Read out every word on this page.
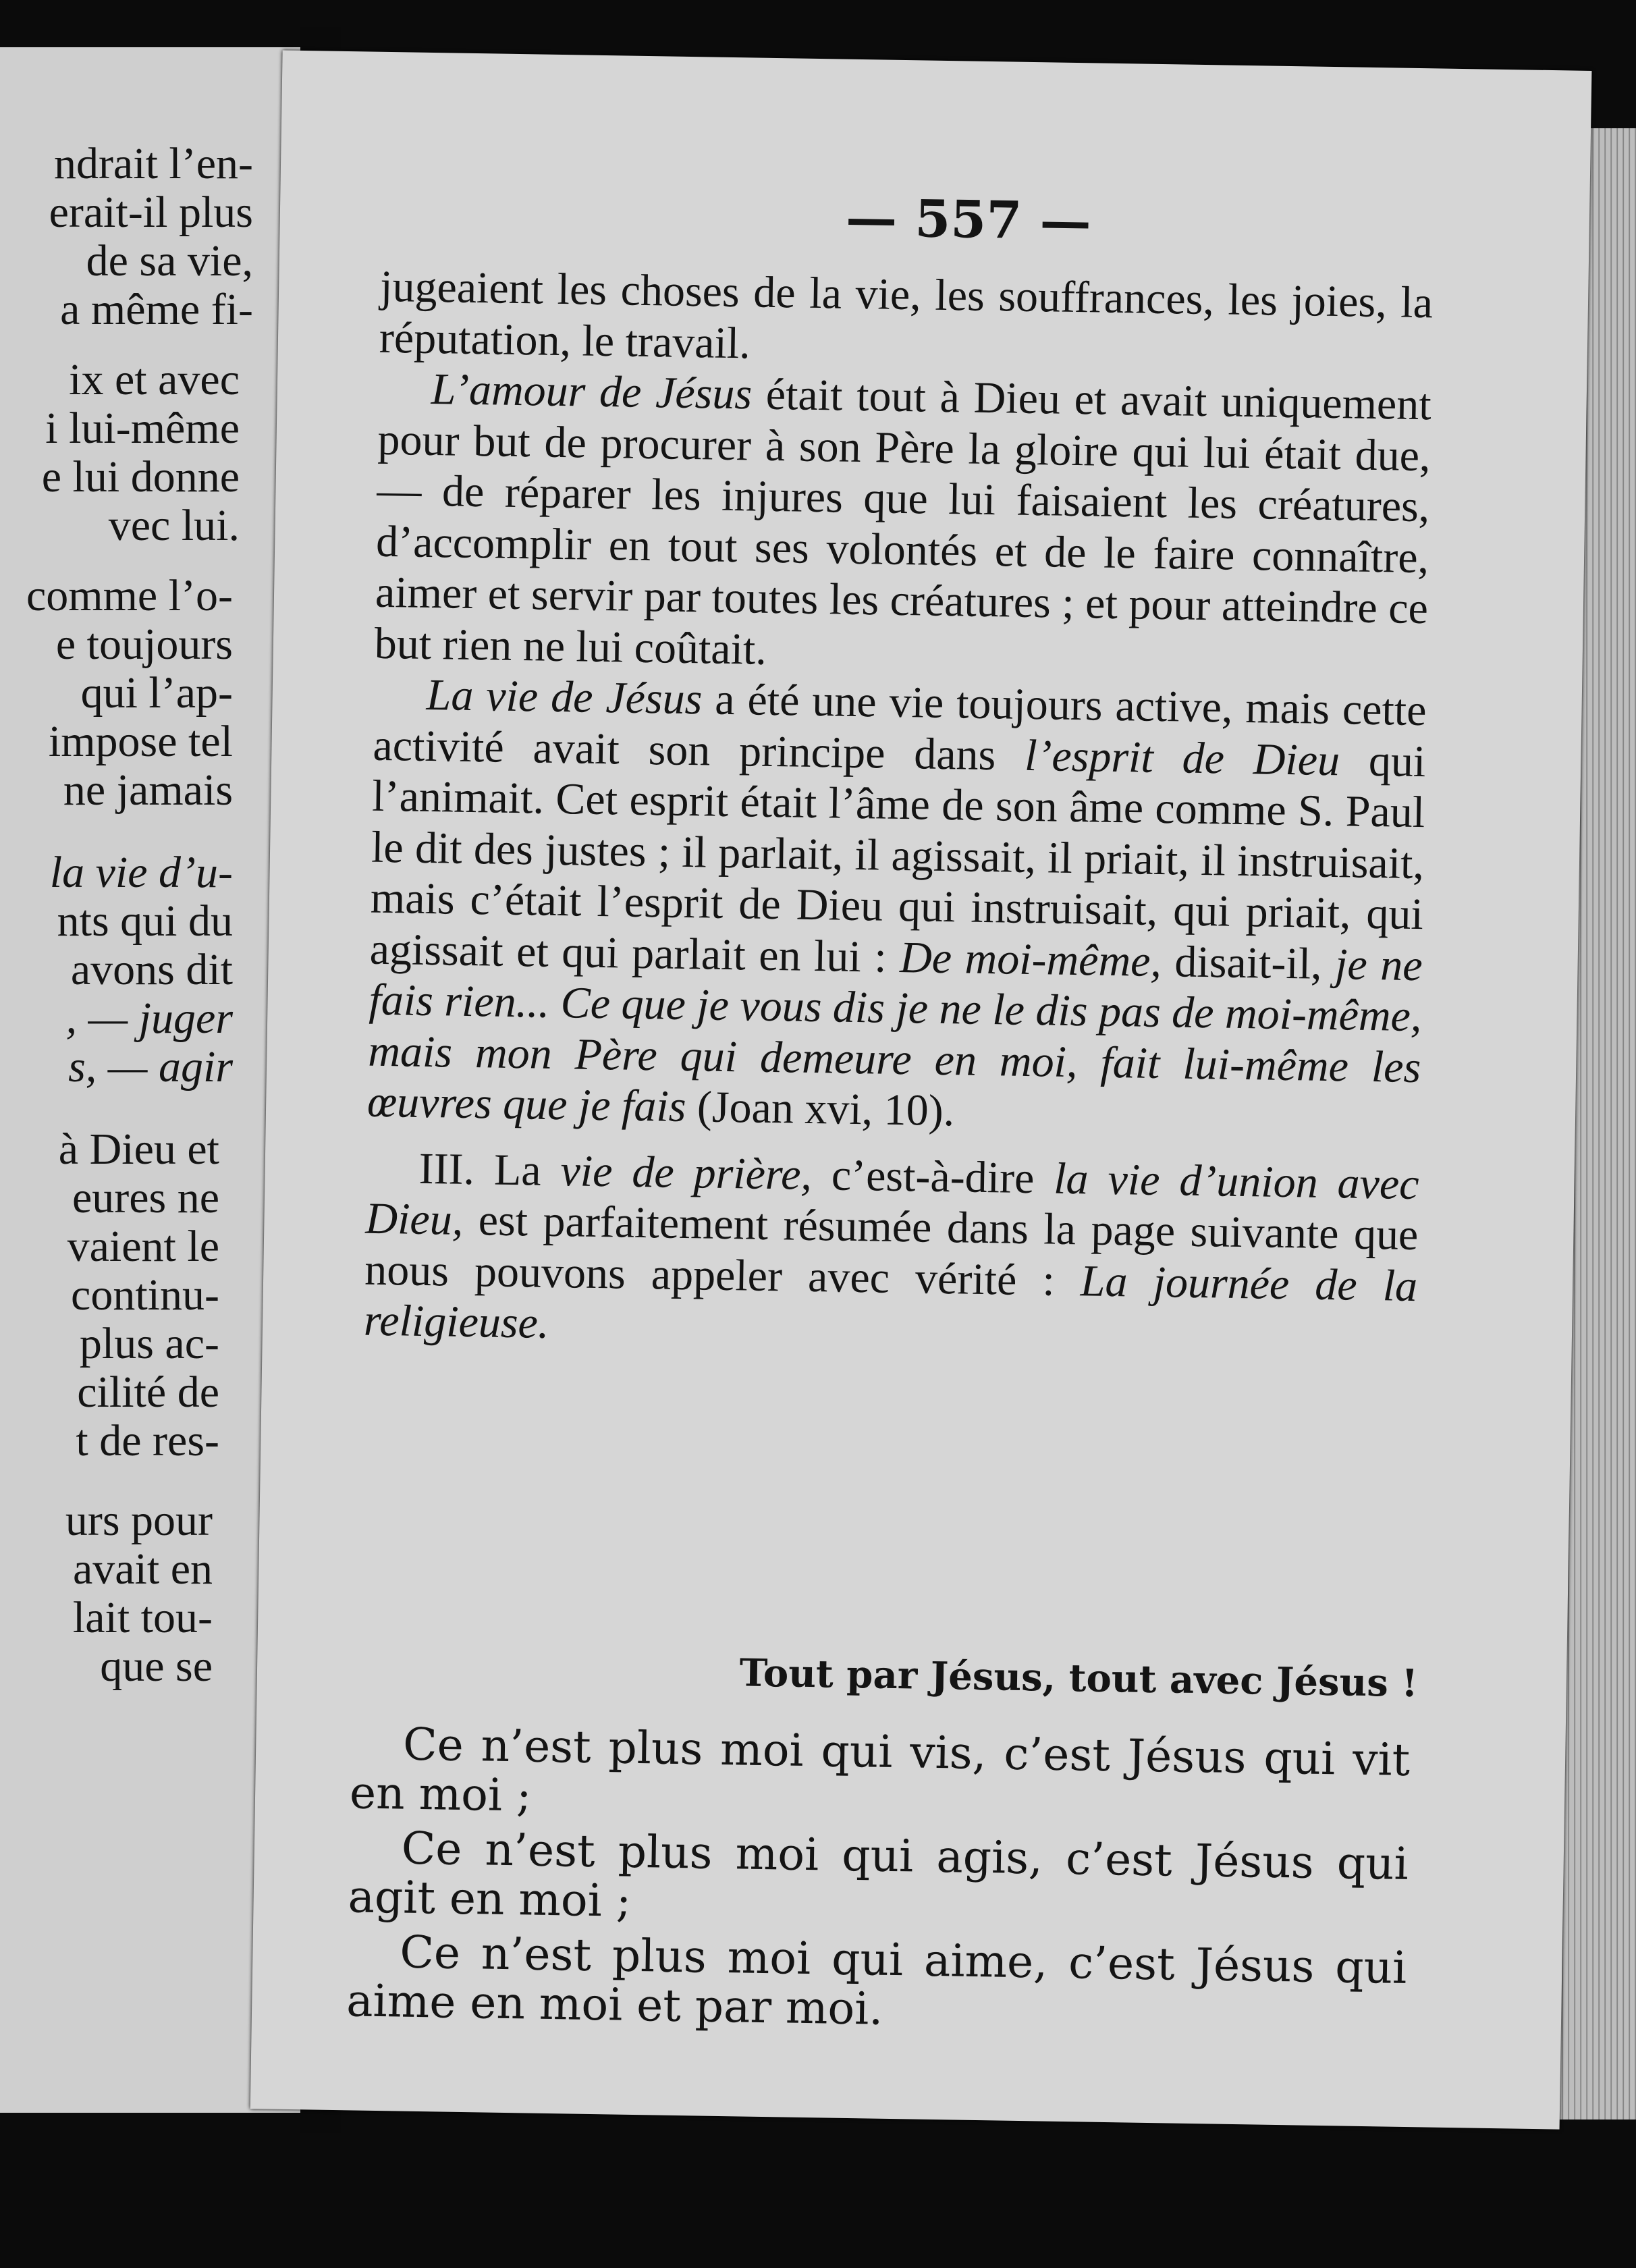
ndrait l’en-
erait-il plus
de sa vie,
a même fi-
ix et avec
i lui-même
e lui donne
vec lui.
comme l’o-
e toujours
qui l’ap-
impose tel
ne jamais
la vie d’u-
nts qui du
avons dit
, — juger
s, — agir
à Dieu et
eures ne
vaient le
continu-
plus ac-
cilité de
t de res-
urs pour
avait en
lait tou-
que se
— 557 —

jugeaient les choses de la vie, les souffrances, les joies, la réputation, le travail.

L’amour de Jésus était tout à Dieu et avait uniquement pour but de procurer à son Père la gloire qui lui était due, — de réparer les injures que lui faisaient les créatures, d’accomplir en tout ses volontés et de le faire connaître, aimer et servir par toutes les créatures ; et pour atteindre ce but rien ne lui coûtait.

La vie de Jésus a été une vie toujours active, mais cette activité avait son principe dans l’esprit de Dieu qui l’animait. Cet esprit était l’âme de son âme comme S. Paul le dit des justes ; il parlait, il agissait, il priait, il instruisait, mais c’était l’esprit de Dieu qui instruisait, qui priait, qui agissait et qui parlait en lui : De moi-même, disait-il, je ne fais rien... Ce que je vous dis je ne le dis pas de moi-même, mais mon Père qui demeure en moi, fait lui-même les œuvres que je fais (Joan xvi, 10).

III. La vie de prière, c’est-à-dire la vie d’union avec Dieu, est parfaitement résumée dans la page suivante que nous pouvons appeler avec vérité : La journée de la religieuse.

Tout par Jésus, tout avec Jésus !

Ce n’est plus moi qui vis, c’est Jésus qui vit en moi ;

Ce n’est plus moi qui agis, c’est Jésus qui agit en moi ;

Ce n’est plus moi qui aime, c’est Jésus qui aime en moi et par moi.
